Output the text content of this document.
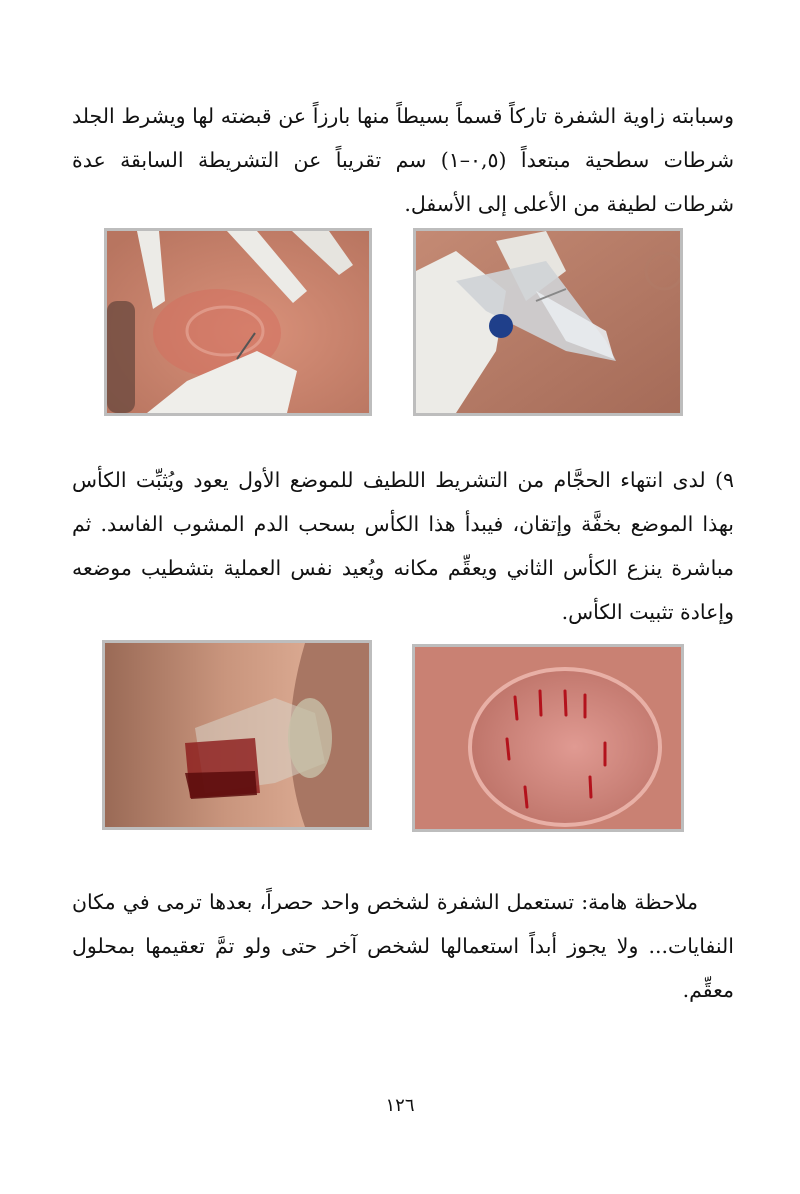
وسبابته زاوية الشفرة تاركاً قسماً بسيطاً منها بارزاً عن قبضته لها ويشرط الجلد شرطات سطحية مبتعداً (٠,٥–١) سم تقريباً عن التشريطة السابقة عدة شرطات لطيفة من الأعلى إلى الأسفل.

٩) لدى انتهاء الحجَّام من التشريط اللطيف للموضع الأول يعود ويُثبِّت الكأس بهذا الموضع بخفَّة وإتقان، فيبدأ هذا الكأس بسحب الدم المشوب الفاسد. ثم مباشرة ينزع الكأس الثاني ويعقِّم مكانه ويُعيد نفس العملية بتشطيب موضعه وإعادة تثبيت الكأس.

ملاحظة هامة: تستعمل الشفرة لشخص واحد حصراً، بعدها ترمى في مكان النفايات... ولا يجوز أبداً استعمالها لشخص آخر حتى ولو تمَّ تعقيمها بمحلول معقِّم.

١٢٦
